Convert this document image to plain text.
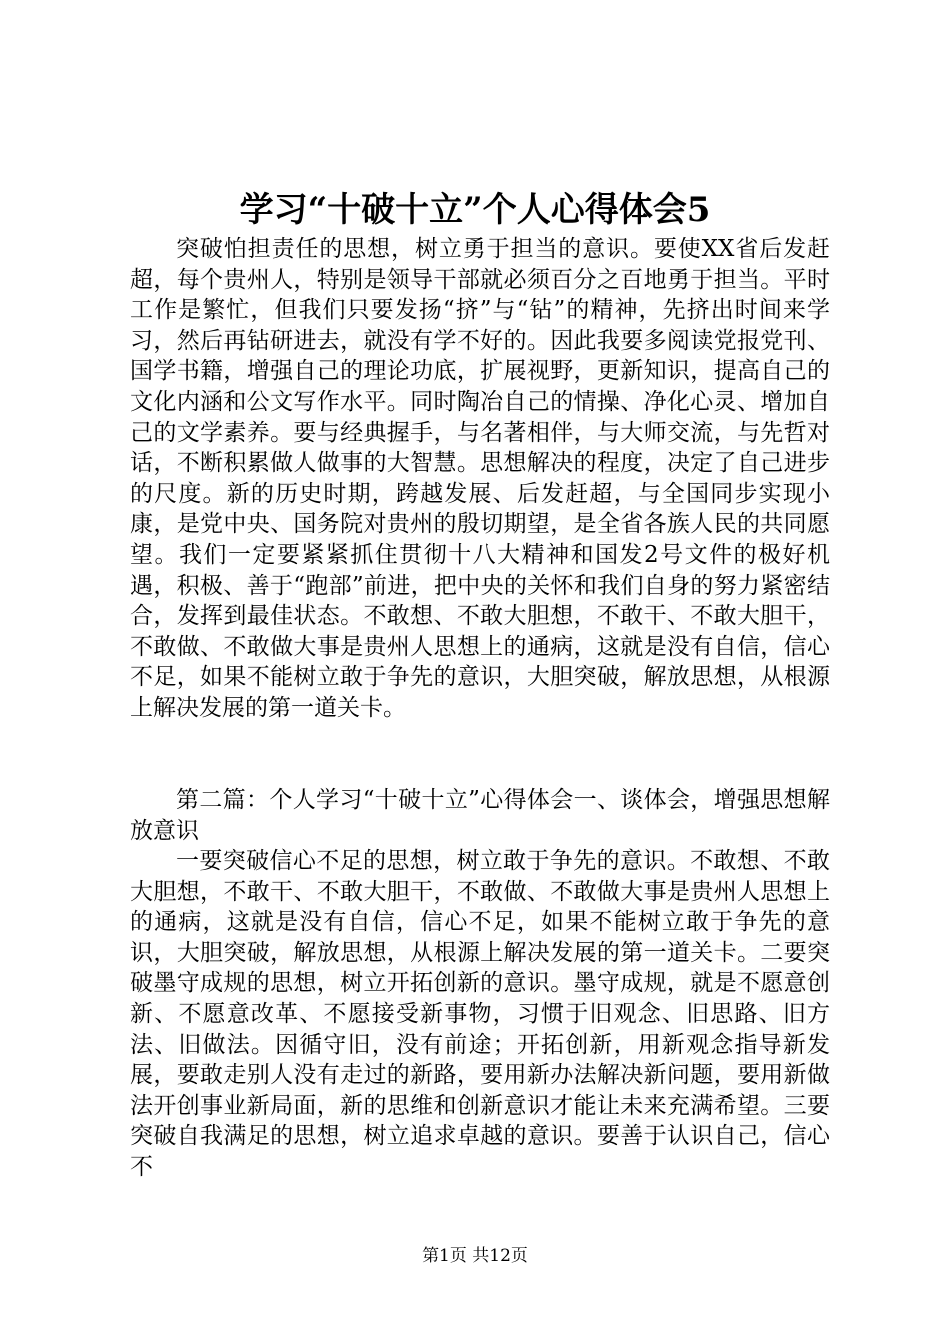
学习“十破十立”个人心得体会5

突破怕担责任的思想，树立勇于担当的意识。要使XX省后发赶超，每个贵州人，特别是领导干部就必须百分之百地勇于担当。平时工作是繁忙，但我们只要发扬“挤”与“钻”的精神，先挤出时间来学习，然后再钻研进去，就没有学不好的。因此我要多阅读党报党刊、国学书籍，增强自己的理论功底，扩展视野，更新知识，提高自己的文化内涵和公文写作水平。同时陶冶自己的情操、净化心灵、增加自己的文学素养。要与经典握手，与名著相伴，与大师交流，与先哲对话，不断积累做人做事的大智慧。思想解决的程度，决定了自己进步的尺度。新的历史时期，跨越发展、后发赶超，与全国同步实现小康，是党中央、国务院对贵州的殷切期望，是全省各族人民的共同愿望。我们一定要紧紧抓住贯彻十八大精神和国发2号文件的极好机遇，积极、善于“跑部”前进，把中央的关怀和我们自身的努力紧密结合，发挥到最佳状态。不敢想、不敢大胆想，不敢干、不敢大胆干，不敢做、不敢做大事是贵州人思想上的通病，这就是没有自信，信心不足，如果不能树立敢于争先的意识，大胆突破，解放思想，从根源上解决发展的第一道关卡。

第二篇：个人学习“十破十立”心得体会一、谈体会，增强思想解放意识

一要突破信心不足的思想，树立敢于争先的意识。不敢想、不敢大胆想，不敢干、不敢大胆干，不敢做、不敢做大事是贵州人思想上的通病，这就是没有自信，信心不足，如果不能树立敢于争先的意识，大胆突破，解放思想，从根源上解决发展的第一道关卡。二要突破墨守成规的思想，树立开拓创新的意识。墨守成规，就是不愿意创新、不愿意改革、不愿接受新事物，习惯于旧观念、旧思路、旧方法、旧做法。因循守旧，没有前途；开拓创新，用新观念指导新发展，要敢走别人没有走过的新路，要用新办法解决新问题，要用新做法开创事业新局面，新的思维和创新意识才能让未来充满希望。三要突破自我满足的思想，树立追求卓越的意识。要善于认识自己，信心不

第1页 共12页
